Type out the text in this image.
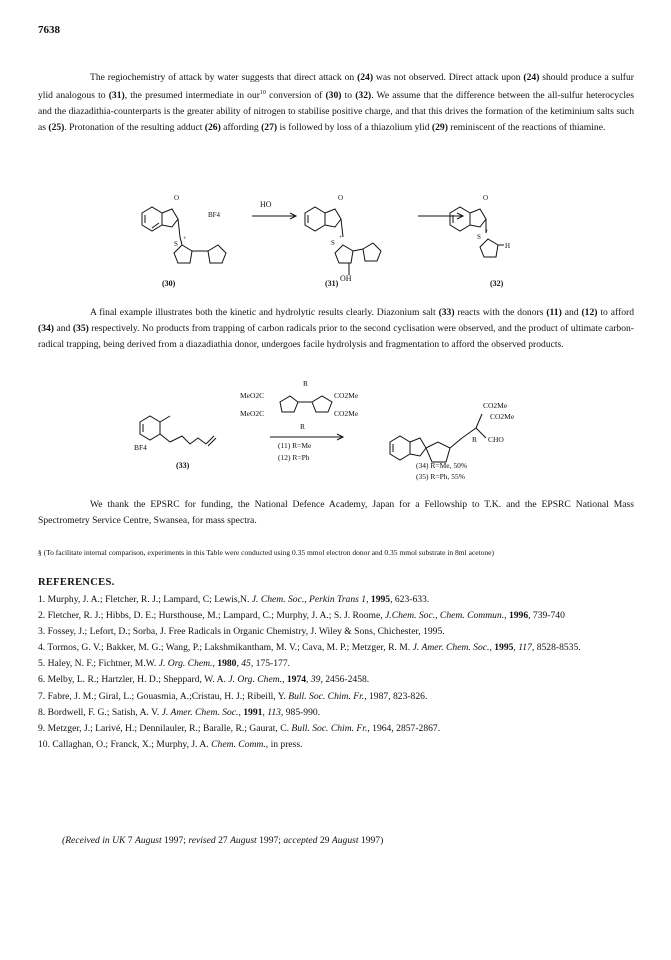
7638
The regiochemistry of attack by water suggests that direct attack on (24) was not observed. Direct attack upon (24) should produce a sulfur ylid analogous to (31), the presumed intermediate in our$^{10}$ conversion of (30) to (32). We assume that the difference between the all-sulfur heterocycles and the diazadithia-counterparts is the greater ability of nitrogen to stabilise positive charge, and that this drives the formation of the ketiminium salts such as (25). Protonation of the resulting adduct (26) affording (27) is followed by loss of a thiazolium ylid (29) reminiscent of the reactions of thiamine.
BF4
HO
OH
O	O	O
S
+	S
+	S
+
H
(30)	(31)	(32)
A final example illustrates both the kinetic and hydrolytic results clearly. Diazonium salt (33) reacts with the donors (11) and (12) to afford (34) and (35) respectively. No products from trapping of carbon radicals prior to the second cyclisation were observed, and the product of ultimate carbon-radical trapping, being derived from a diazadiathia donor, undergoes facile hydrolysis and fragmentation to afford the observed products.
MeO2C
MeO2C
CO2Me
CO2Me
R
R
BF4
CO2Me
CO2Me
R CHO
(11) R=Me
(12) R=Ph
(34) R=Me, 50%
(35) R=Ph, 55%
(33)
We thank the EPSRC for funding, the National Defence Academy, Japan for a Fellowship to T.K. and the EPSRC National Mass Spectrometry Service Centre, Swansea, for mass spectra.
§ (To facilitate internal comparison, experiments in this Table were conducted using 0.35 mmol electron donor and 0.35 mmol substrate in 8ml acetone)
REFERENCES.
1. Murphy, J. A.; Fletcher, R. J.; Lampard, C; Lewis,N. J. Chem. Soc., Perkin Trans 1, 1995, 623-633.
2. Fletcher, R. J.; Hibbs, D. E.; Hursthouse, M.; Lampard, C.; Murphy, J. A.; S. J. Roome, J.Chem. Soc., Chem. Commun., 1996, 739-740
3. Fossey, J.; Lefort, D.; Sorba, J. Free Radicals in Organic Chemistry, J. Wiley & Sons, Chichester, 1995.
4. Tormos, G. V.; Bakker, M. G.; Wang, P.; Lakshmikantham, M. V.; Cava, M. P.; Metzger, R. M. J. Amer. Chem. Soc., 1995, 117, 8528-8535.
5. Haley, N. F.; Fichtner, M.W. J. Org. Chem., 1980, 45, 175-177.
6. Melby, L. R.; Hartzler, H. D.; Sheppard, W. A. J. Org. Chem., 1974, 39, 2456-2458.
7. Fabre, J. M.; Giral, L.; Gouasmia, A.;Cristau, H. J.; Ribeill, Y. Bull. Soc. Chim. Fr., 1987, 823-826.
8. Bordwell, F. G.; Satish, A. V. J. Amer. Chem. Soc., 1991, 113, 985-990.
9. Metzger, J.; Larivé, H.; Dennilauler, R.; Baralle, R.; Gaurat, C. Bull. Soc. Chim. Fr., 1964, 2857-2867.
10. Callaghan, O.; Franck, X.; Murphy, J. A. Chem. Comm., in press.
(Received in UK 7 August 1997; revised 27 August 1997; accepted 29 August 1997)
